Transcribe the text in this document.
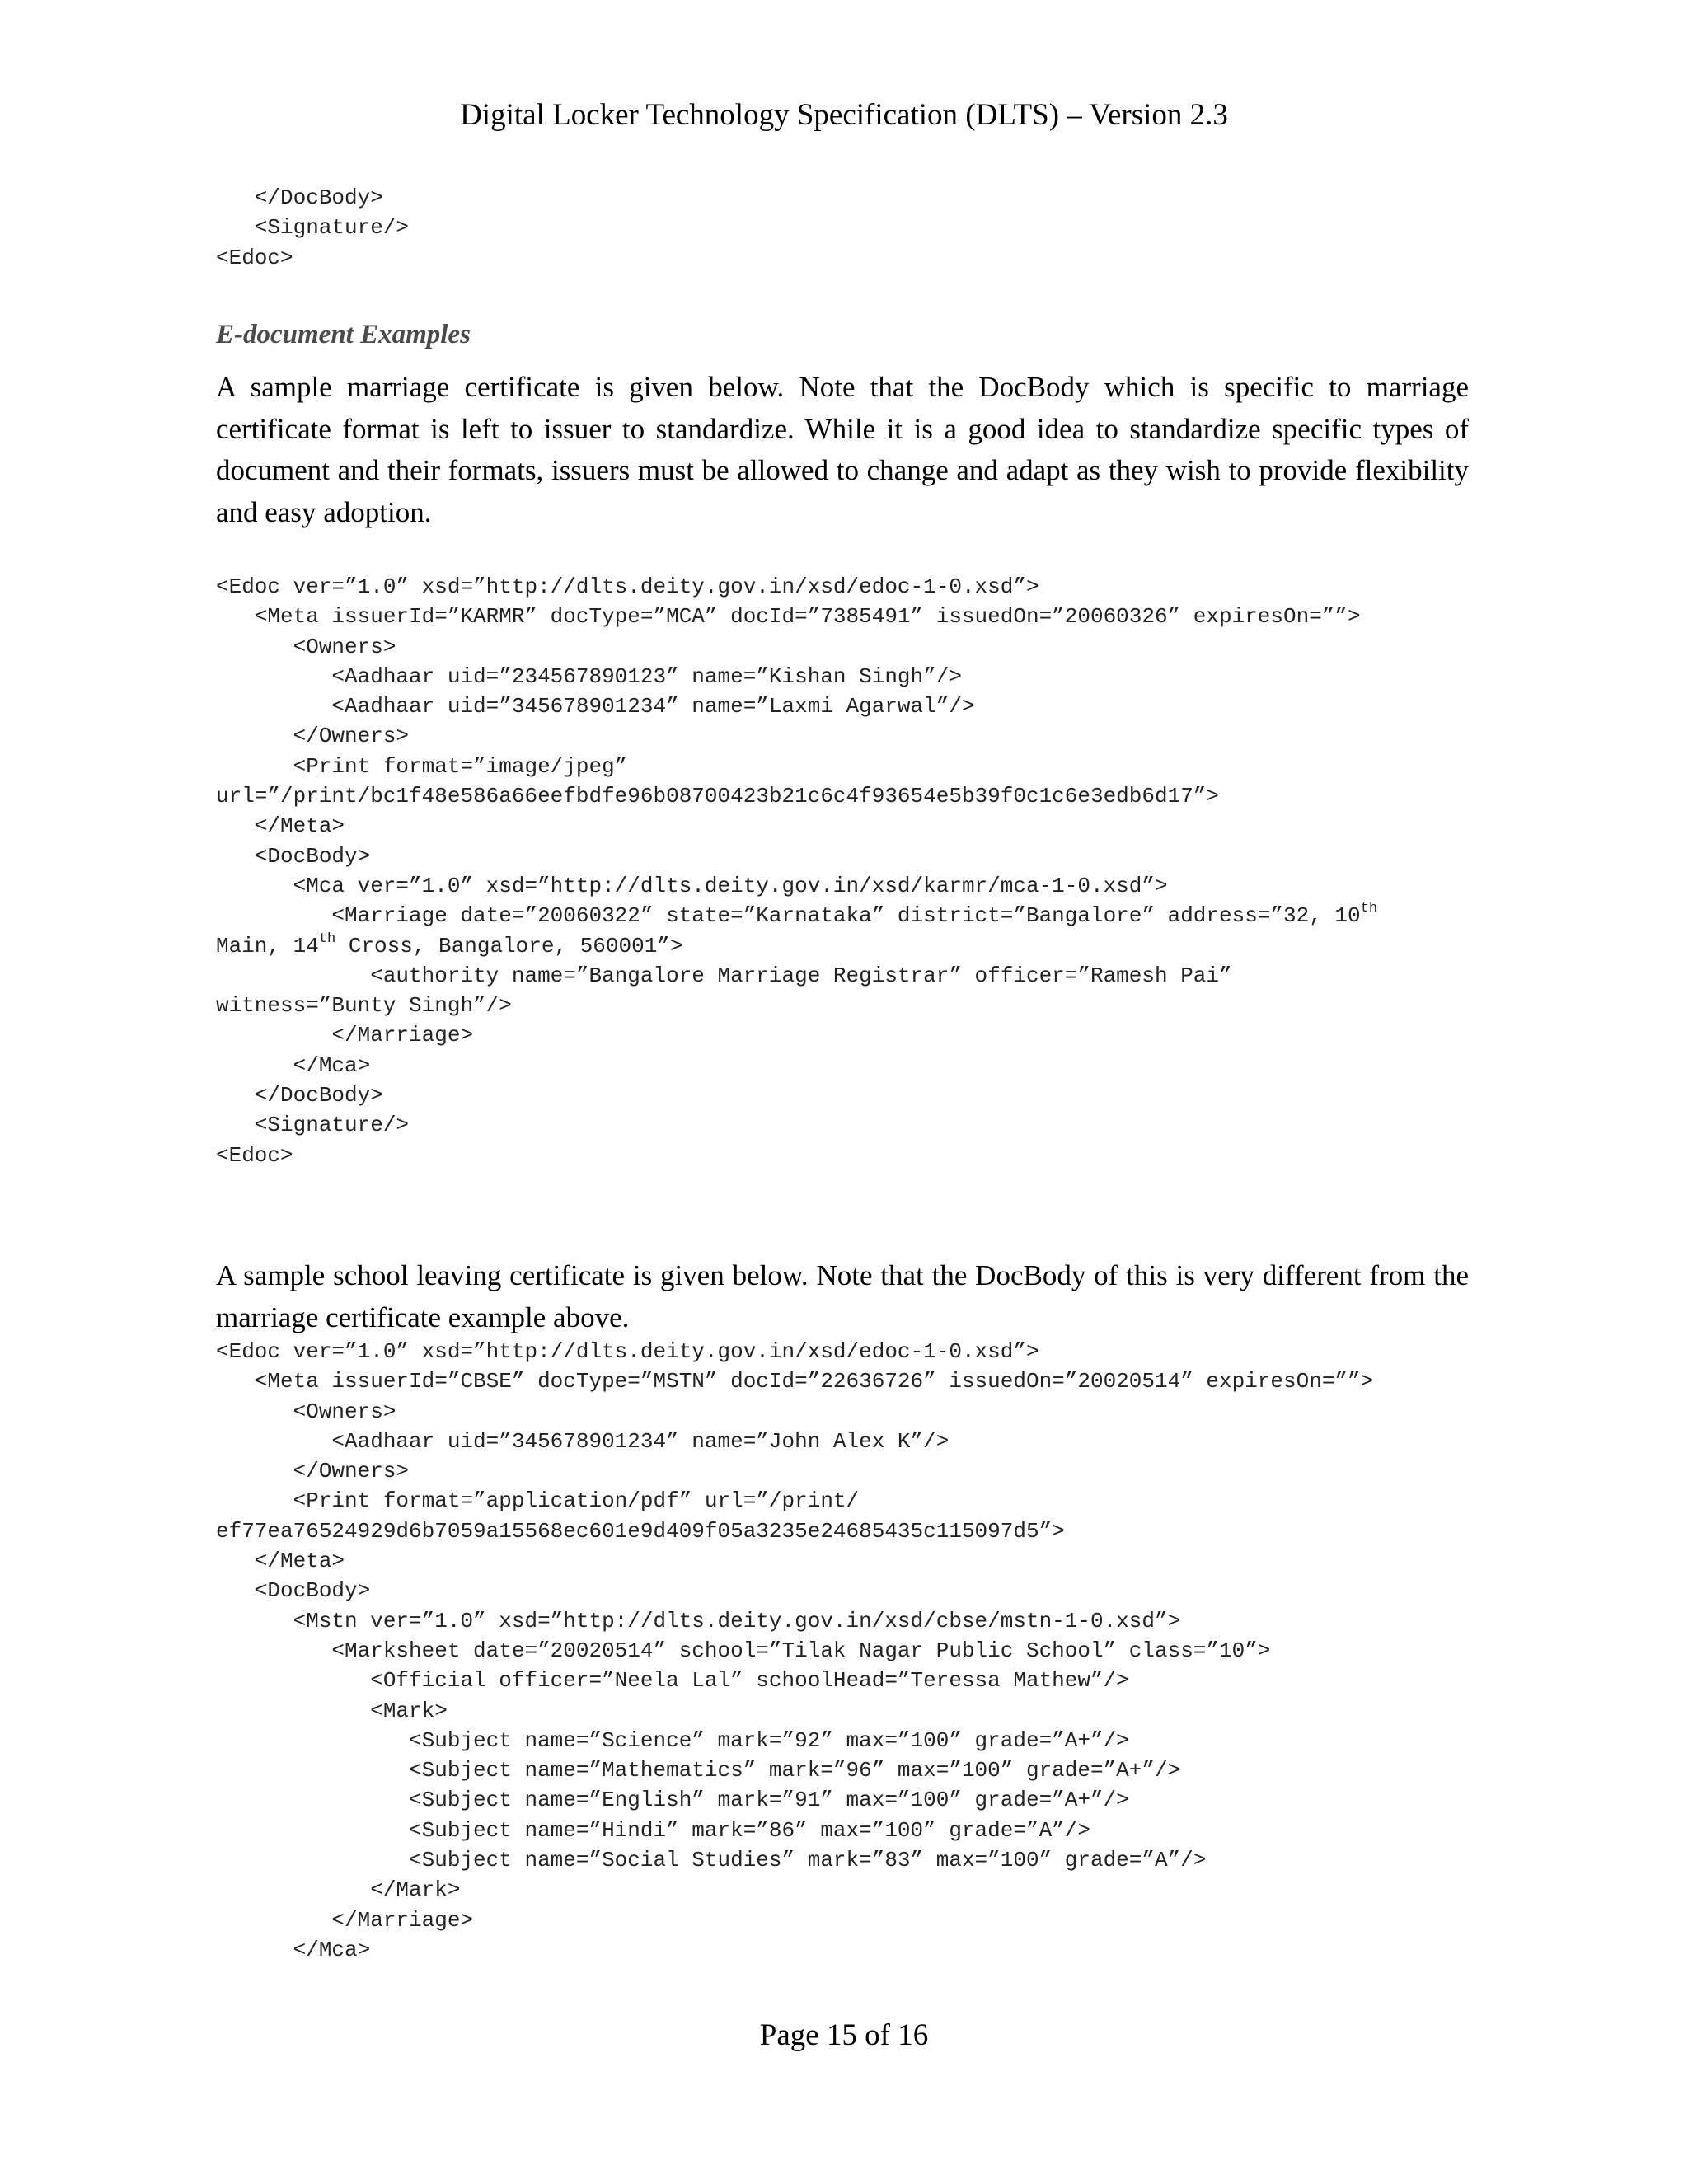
Digital Locker Technology Specification (DLTS) – Version 2.3
</DocBody>
<Signature/>
<Edoc>
E-document Examples

A sample marriage certificate is given below. Note that the DocBody which is specific to marriage certificate format is left to issuer to standardize. While it is a good idea to standardize specific types of document and their formats, issuers must be allowed to change and adapt as they wish to provide flexibility and easy adoption.

<Edoc ver=”1.0” xsd=”http://dlts.deity.gov.in/xsd/edoc-1-0.xsd”>
<Meta issuerId=”KARMR” docType=”MCA” docId=”7385491” issuedOn=”20060326” expiresOn=””>
<Owners>
<Aadhaar uid=”234567890123” name=”Kishan Singh”/>
<Aadhaar uid=”345678901234” name=”Laxmi Agarwal”/>
</Owners>
<Print format=”image/jpeg”
url=”/print/bc1f48e586a66eefbdfe96b08700423b21c6c4f93654e5b39f0c1c6e3edb6d17”>
</Meta>
<DocBody>
<Mca ver=”1.0” xsd=”http://dlts.deity.gov.in/xsd/karmr/mca-1-0.xsd”>
<Marriage date=”20060322” state=”Karnataka” district=”Bangalore” address=”32, 10th
Main, 14th Cross, Bangalore, 560001”>
<authority name=”Bangalore Marriage Registrar” officer=”Ramesh Pai”
witness=”Bunty Singh”/>
</Marriage>
</Mca>
</DocBody>
<Signature/>
<Edoc>

A sample school leaving certificate is given below. Note that the DocBody of this is very different from the marriage certificate example above.

<Edoc ver=”1.0” xsd=”http://dlts.deity.gov.in/xsd/edoc-1-0.xsd”>
<Meta issuerId=”CBSE” docType=”MSTN” docId=”22636726” issuedOn=”20020514” expiresOn=””>
<Owners>
<Aadhaar uid=”345678901234” name=”John Alex K”/>
</Owners>
<Print format=”application/pdf” url=”/print/
ef77ea76524929d6b7059a15568ec601e9d409f05a3235e24685435c115097d5”>
</Meta>
<DocBody>
<Mstn ver=”1.0” xsd=”http://dlts.deity.gov.in/xsd/cbse/mstn-1-0.xsd”>
<Marksheet date=”20020514” school=”Tilak Nagar Public School” class=”10”>
<Official officer=”Neela Lal” schoolHead=”Teressa Mathew”/>
<Mark>
<Subject name=”Science” mark=”92” max=”100” grade=”A+”/>
<Subject name=”Mathematics” mark=”96” max=”100” grade=”A+”/>
<Subject name=”English” mark=”91” max=”100” grade=”A+”/>
<Subject name=”Hindi” mark=”86” max=”100” grade=”A”/>
<Subject name=”Social Studies” mark=”83” max=”100” grade=”A”/>
</Mark>
</Marriage>
</Mca>
Page 15 of 16
